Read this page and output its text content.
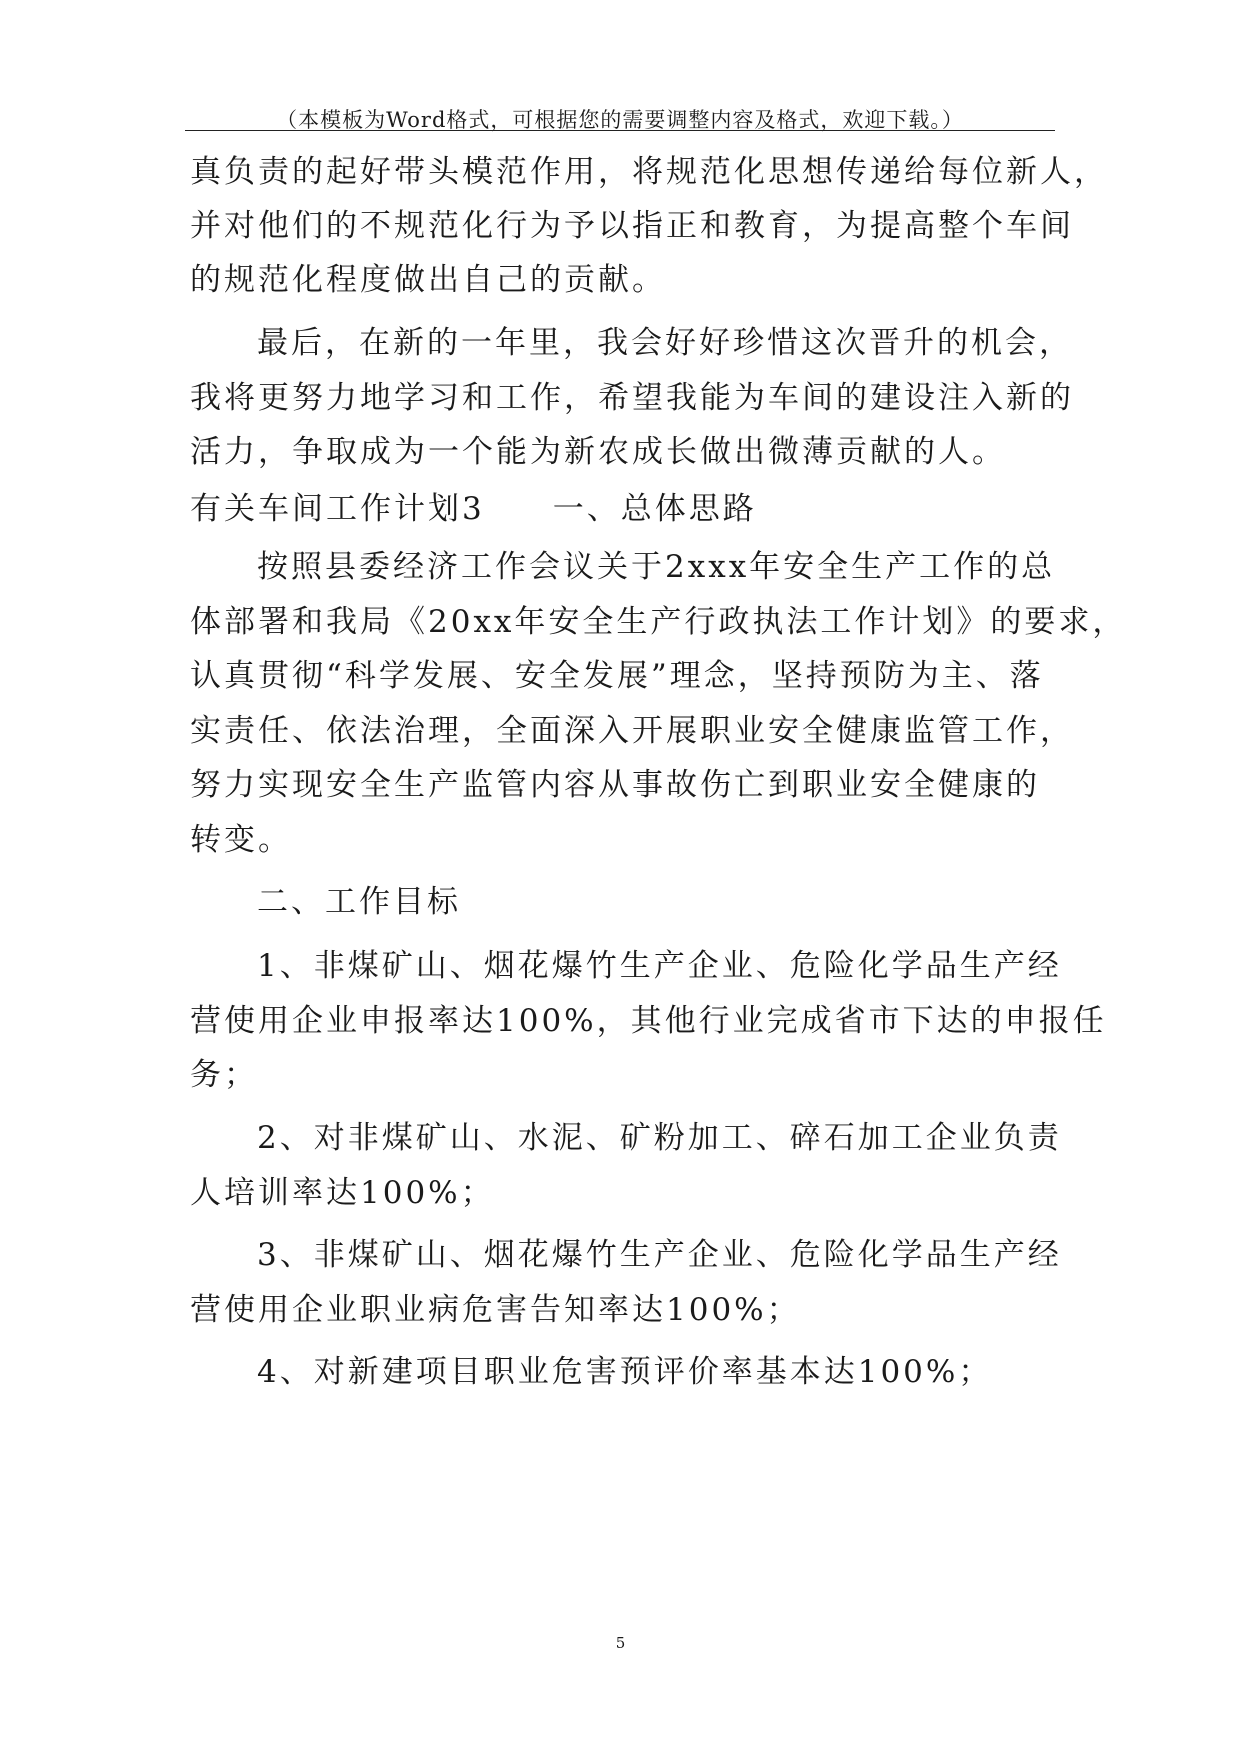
（本模板为Word格式，可根据您的需要调整内容及格式，欢迎下载。）
真负责的起好带头模范作用，将规范化思想传递给每位新人，
并对他们的不规范化行为予以指正和教育，为提高整个车间
的规范化程度做出自己的贡献。
最后，在新的一年里，我会好好珍惜这次晋升的机会，
我将更努力地学习和工作，希望我能为车间的建设注入新的
活力，争取成为一个能为新农成长做出微薄贡献的人。
有关车间工作计划3　　一、总体思路
按照县委经济工作会议关于2xxx年安全生产工作的总
体部署和我局《20xx年安全生产行政执法工作计划》的要求，
认真贯彻“科学发展、安全发展”理念，坚持预防为主、落
实责任、依法治理，全面深入开展职业安全健康监管工作，
努力实现安全生产监管内容从事故伤亡到职业安全健康的
转变。
二、工作目标
1、非煤矿山、烟花爆竹生产企业、危险化学品生产经
营使用企业申报率达100%，其他行业完成省市下达的申报任
务；
2、对非煤矿山、水泥、矿粉加工、碎石加工企业负责
人培训率达100%；
3、非煤矿山、烟花爆竹生产企业、危险化学品生产经
营使用企业职业病危害告知率达100%；
4、对新建项目职业危害预评价率基本达100%；
5
